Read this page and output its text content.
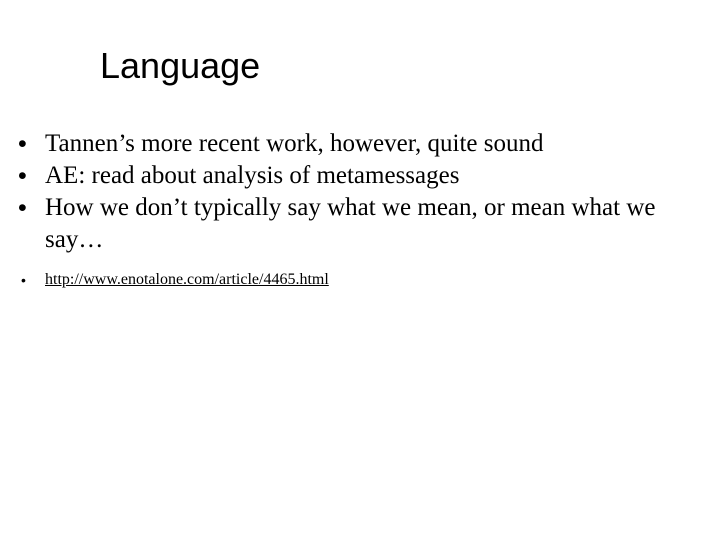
Language
• Tannen’s more recent work, however, quite sound
• AE: read about analysis of metamessages
• How we don’t typically say what we mean, or mean what we say…
• http://www.enotalone.com/article/4465.html
